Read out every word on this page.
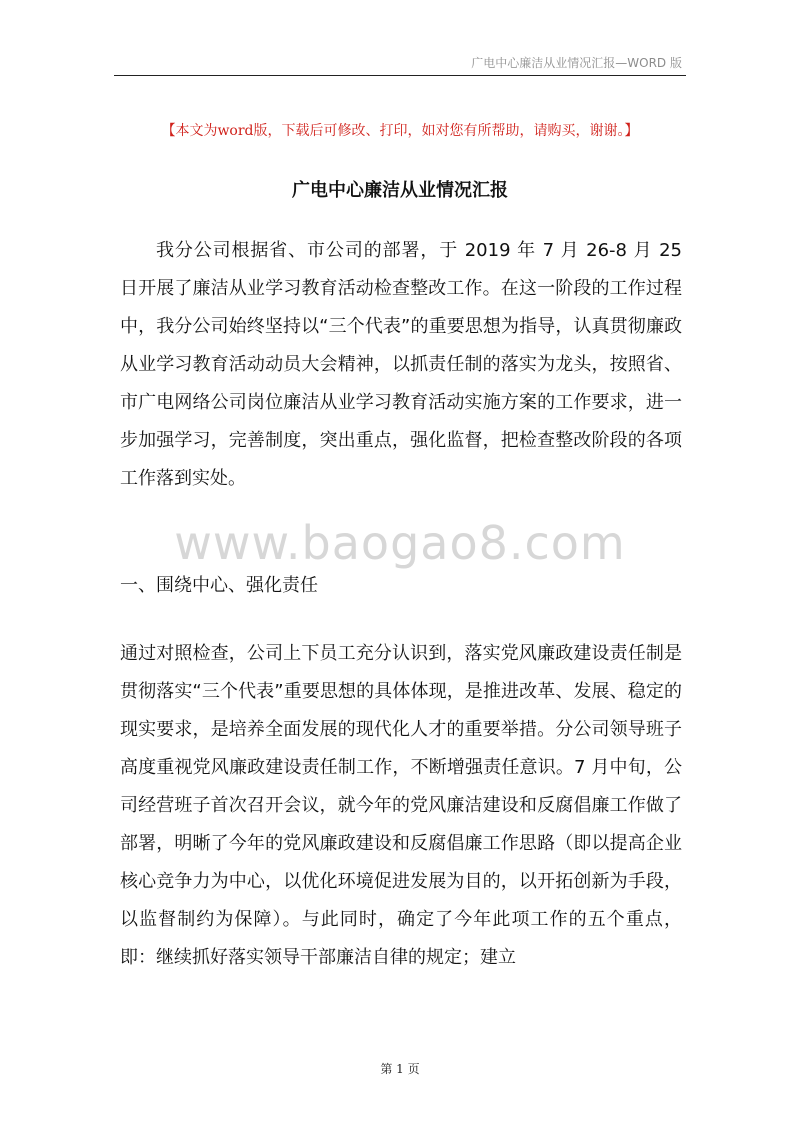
广电中心廉洁从业情况汇报—WORD 版
【本文为word版，下载后可修改、打印，如对您有所帮助，请购买，谢谢。】
广电中心廉洁从业情况汇报
我分公司根据省、市公司的部署，于 2019 年 7 月 26-8 月 25 日开展了廉洁从业学习教育活动检查整改工作。在这一阶段的工作过程中，我分公司始终坚持以“三个代表”的重要思想为指导，认真贯彻廉政从业学习教育活动动员大会精神，以抓责任制的落实为龙头，按照省、市广电网络公司岗位廉洁从业学习教育活动实施方案的工作要求，进一步加强学习，完善制度，突出重点，强化监督，把检查整改阶段的各项工作落到实处。
www.baogao8.com
一、围绕中心、强化责任
通过对照检查，公司上下员工充分认识到，落实党风廉政建设责任制是贯彻落实“三个代表”重要思想的具体体现，是推进改革、发展、稳定的现实要求，是培养全面发展的现代化人才的重要举措。分公司领导班子高度重视党风廉政建设责任制工作，不断增强责任意识。7 月中旬，公司经营班子首次召开会议，就今年的党风廉洁建设和反腐倡廉工作做了部署，明晰了今年的党风廉政建设和反腐倡廉工作思路（即以提高企业核心竞争力为中心，以优化环境促进发展为目的，以开拓创新为手段，以监督制约为保障）。与此同时，确定了今年此项工作的五个重点，即：继续抓好落实领导干部廉洁自律的规定；建立
第 1 页
